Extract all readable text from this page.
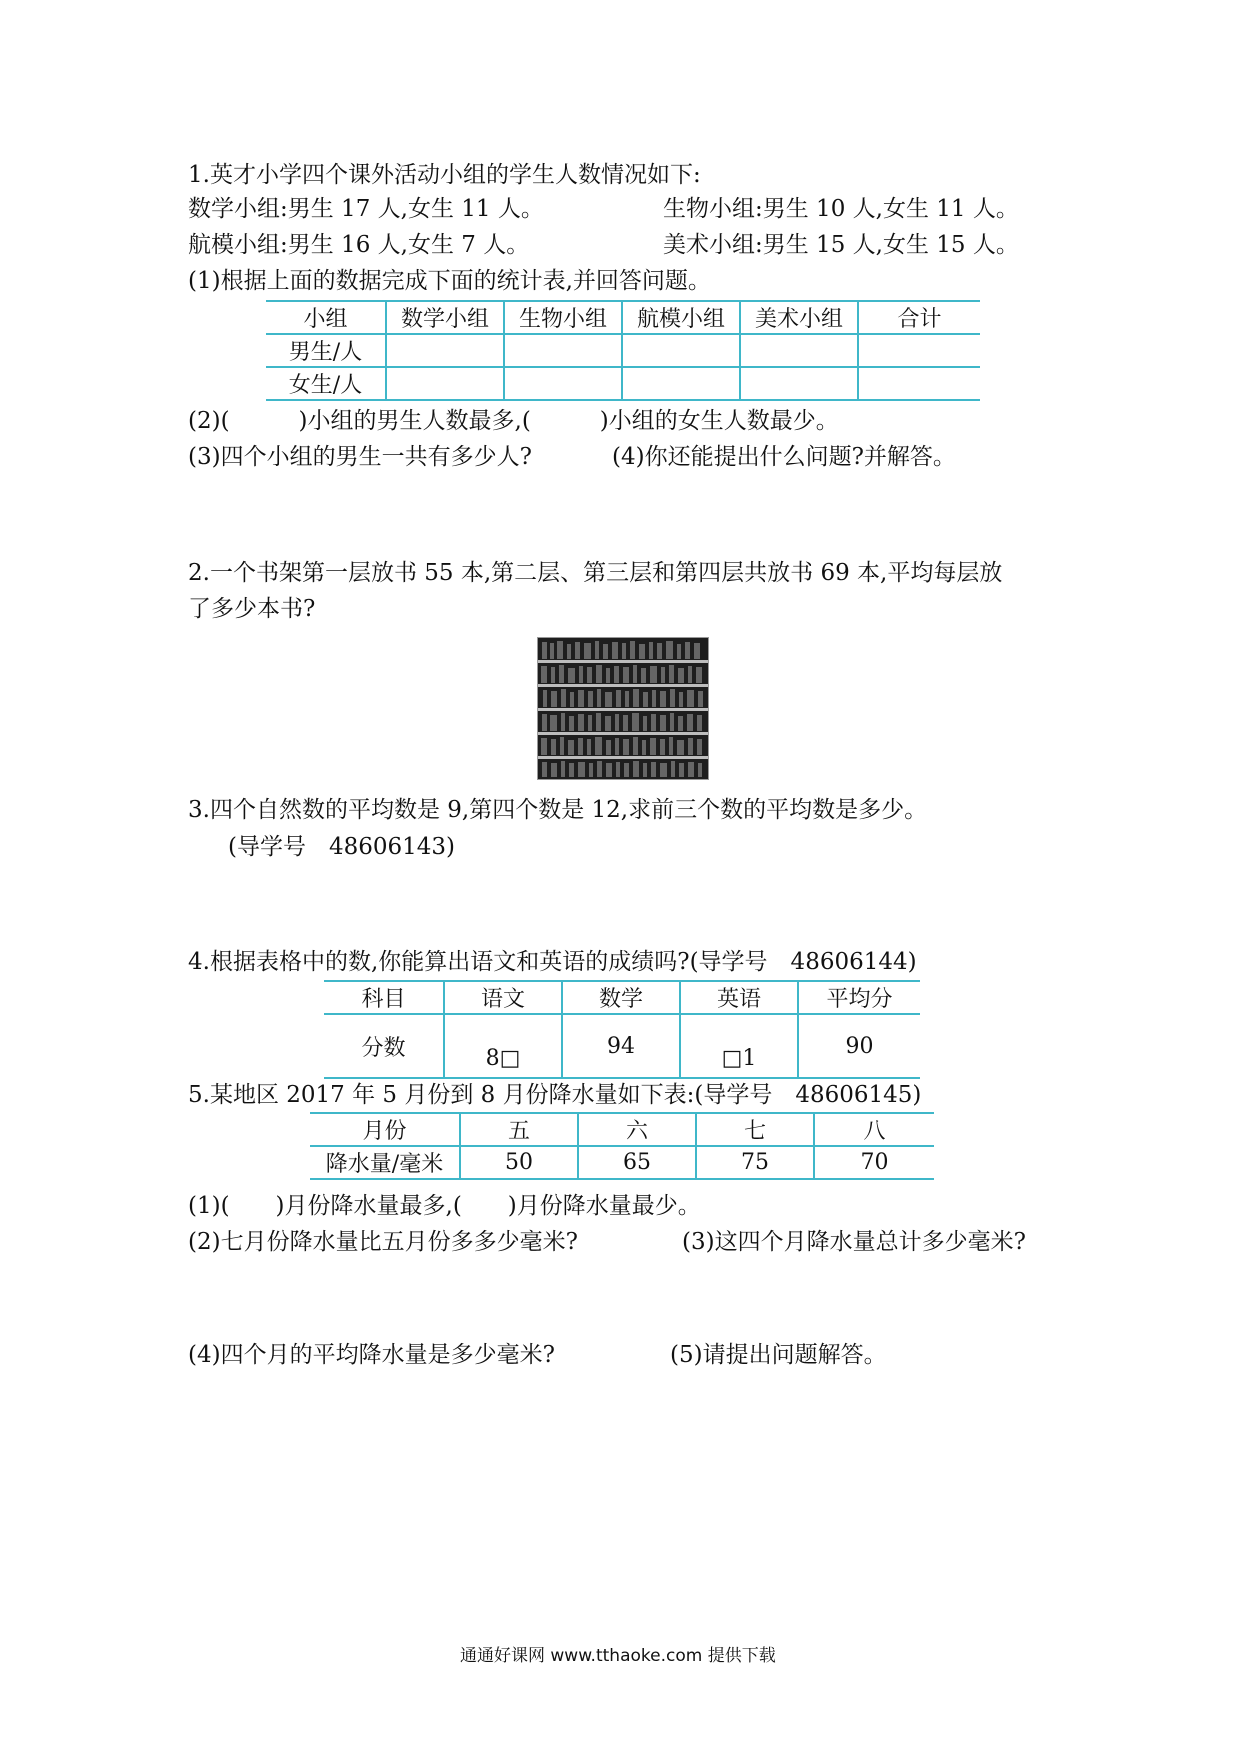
1.英才小学四个课外活动小组的学生人数情况如下:
数学小组:男生 17 人,女生 11 人。	生物小组:男生 10 人,女生 11 人。
航模小组:男生 16 人,女生 7 人。	美术小组:男生 15 人,女生 15 人。
(1)根据上面的数据完成下面的统计表,并回答问题。
小组	数学小组	生物小组	航模小组	美术小组	合计
男生/人					
女生/人					
(2)(　　　)小组的男生人数最多,(　　　)小组的女生人数最少。
(3)四个小组的男生一共有多少人?	(4)你还能提出什么问题?并解答。
2.一个书架第一层放书 55 本,第二层、第三层和第四层共放书 69 本,平均每层放
了多少本书?
3.四个自然数的平均数是 9,第四个数是 12,求前三个数的平均数是多少。
(导学号　48606143)
4.根据表格中的数,你能算出语文和英语的成绩吗?(导学号　48606144)
科目	语文	数学	英语	平均分
分数	8□	94	□1	90
5.某地区 2017 年 5 月份到 8 月份降水量如下表:(导学号　48606145)
月份	五	六	七	八
降水量/毫米	50	65	75	70
(1)(　　)月份降水量最多,(　　)月份降水量最少。
(2)七月份降水量比五月份多多少毫米?	(3)这四个月降水量总计多少毫米?
(4)四个月的平均降水量是多少毫米?	(5)请提出问题解答。
通通好课网 www.tthaoke.com 提供下载
